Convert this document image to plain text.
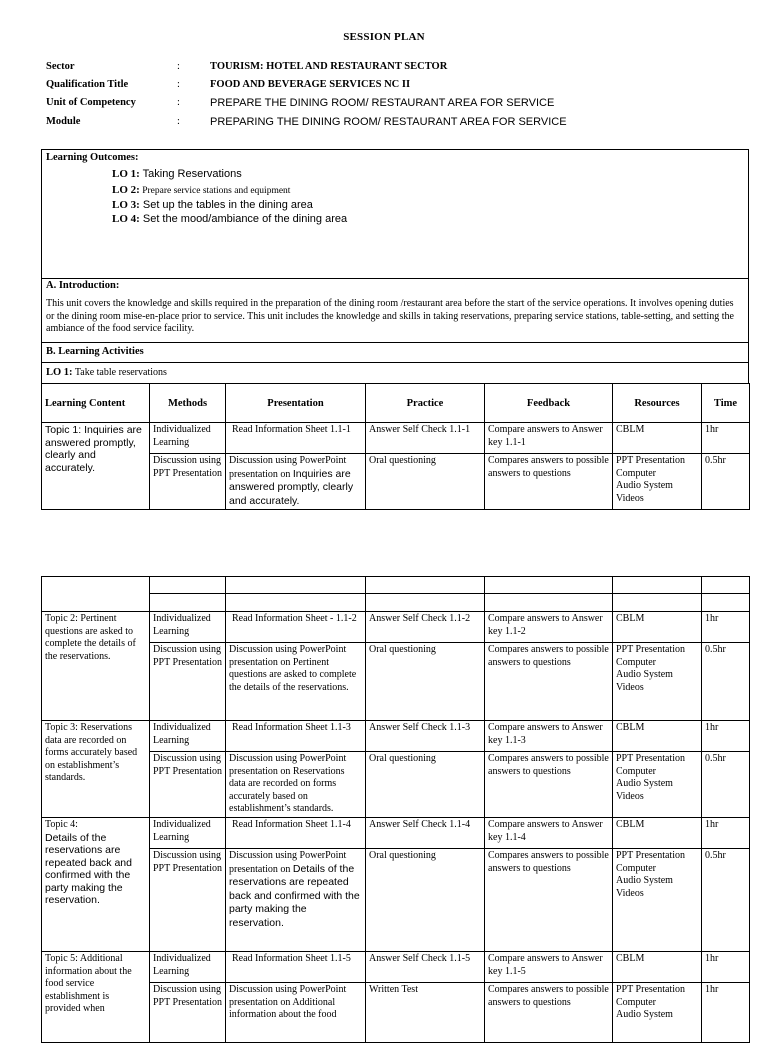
SESSION PLAN
Sector	:	TOURISM: HOTEL AND RESTAURANT SECTOR
Qualification Title	:	FOOD AND BEVERAGE SERVICES NC II
Unit of Competency	:	PREPARE THE DINING ROOM/ RESTAURANT AREA FOR SERVICE
Module	:	PREPARING THE DINING ROOM/ RESTAURANT AREA FOR SERVICE
Learning Outcomes:
LO 1: Taking Reservations
LO 2: Prepare service stations and equipment
LO 3: Set up the tables in the dining area
LO 4: Set the mood/ambiance of the dining area
A. Introduction:
This unit covers the knowledge and skills required in the preparation of the dining room /restaurant area before the start of the service operations. It involves opening duties or the dining room mise-en-place prior to service. This unit includes the knowledge and skills in taking reservations, preparing service stations, table-setting, and setting the ambiance of the food service facility.
B. Learning Activities
LO 1: Take table reservations
Learning Content	Methods	Presentation	Practice	Feedback	Resources	Time
Topic 1: Inquiries are answered promptly, clearly and accurately.	Individualized Learning	Read Information Sheet 1.1-1	Answer Self Check 1.1-1	Compare answers to Answer key 1.1-1	CBLM	1hr
	Discussion using PPT Presentation	Discussion using PowerPoint presentation on Inquiries are answered promptly, clearly and accurately.	Oral questioning	Compares answers to possible answers to questions	PPT Presentation
Computer
Audio System
Videos	0.5hr

Topic 2: Pertinent questions are asked to complete the details of the reservations.	Individualized Learning	Read Information Sheet - 1.1-2	Answer Self Check 1.1-2	Compare answers to Answer key 1.1-2	CBLM	1hr
	Discussion using PPT Presentation	Discussion using PowerPoint presentation on Pertinent questions are asked to complete the details of the reservations.	Oral questioning	Compares answers to possible answers to questions	PPT Presentation
Computer
Audio System
Videos	0.5hr
Topic 3: Reservations data are recorded on forms accurately based on establishment’s standards.	Individualized Learning	Read Information Sheet 1.1-3	Answer Self Check 1.1-3	Compare answers to Answer key 1.1-3	CBLM	1hr
	Discussion using PPT Presentation	Discussion using PowerPoint presentation on Reservations data are recorded on forms accurately based on establishment’s standards.	Oral questioning	Compares answers to possible answers to questions	PPT Presentation
Computer
Audio System
Videos	0.5hr

Topic 4:
Details of the reservations are repeated back and confirmed with the party making the reservation.	Individualized Learning	Read Information Sheet 1.1-4	Answer Self Check 1.1-4	Compare answers to Answer key 1.1-4	CBLM	1hr
	Discussion using PPT Presentation	Discussion using PowerPoint presentation on Details of the reservations are repeated back and confirmed with the party making the reservation.	Oral questioning	Compares answers to possible answers to questions	PPT Presentation
Computer
Audio System
Videos	0.5hr
Topic 5: Additional information about the food service establishment is provided when	Individualized Learning	Read Information Sheet 1.1-5	Answer Self Check 1.1-5	Compare answers to Answer key 1.1-5	CBLM	1hr
	Discussion using PPT Presentation	Discussion using PowerPoint presentation on Additional information about the food	Written Test	Compares answers to possible answers to questions	PPT Presentation
Computer
Audio System	1hr
